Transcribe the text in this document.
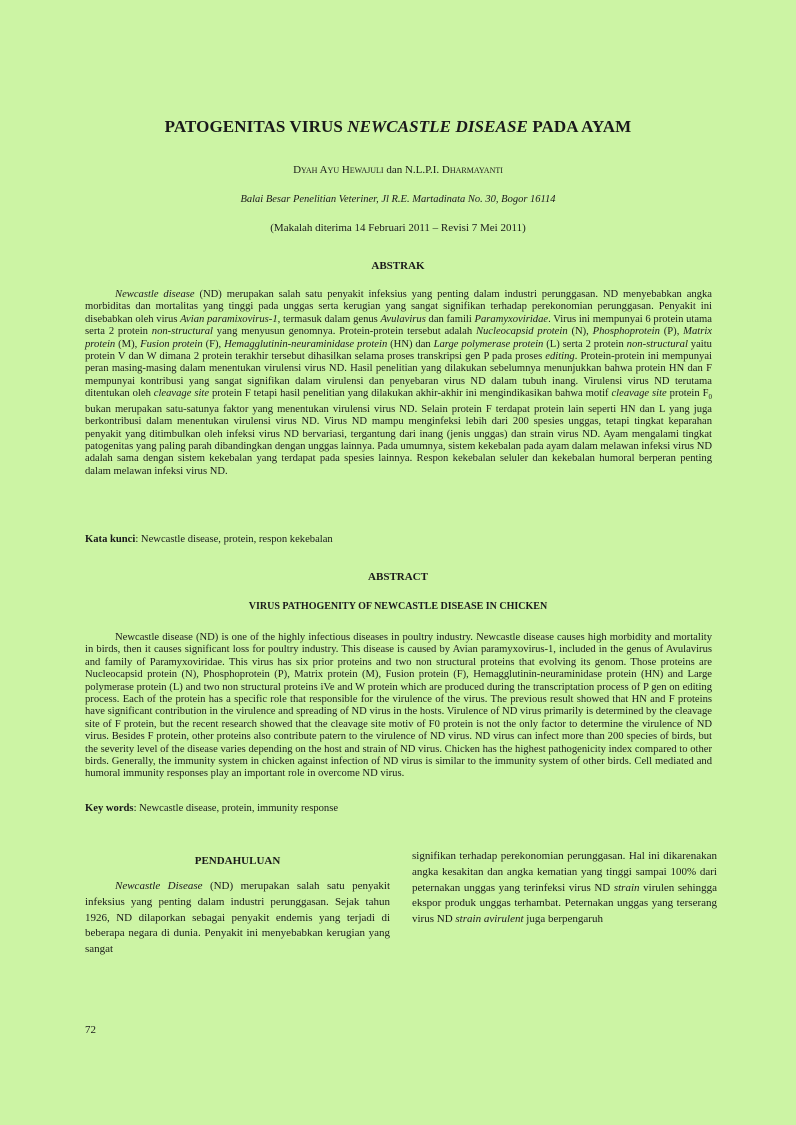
PATOGENITAS VIRUS NEWCASTLE DISEASE PADA AYAM
Dyah Ayu Hewajuli dan N.L.P.I. Dharmayanti
Balai Besar Penelitian Veteriner, Jl R.E. Martadinata No. 30, Bogor 16114
(Makalah diterima 14 Februari 2011 – Revisi 7 Mei 2011)
ABSTRAK
Newcastle disease (ND) merupakan salah satu penyakit infeksius yang penting dalam industri perunggasan. ND menyebabkan angka morbiditas dan mortalitas yang tinggi pada unggas serta kerugian yang sangat signifikan terhadap perekonomian perunggasan. Penyakit ini disebabkan oleh virus Avian paramixovirus-1, termasuk dalam genus Avulavirus dan famili Paramyxoviridae. Virus ini mempunyai 6 protein utama serta 2 protein non-structural yang menyusun genomnya. Protein-protein tersebut adalah Nucleocapsid protein (N), Phosphoprotein (P), Matrix protein (M), Fusion protein (F), Hemagglutinin-neuraminidase protein (HN) dan Large polymerase protein (L) serta 2 protein non-structural yaitu protein V dan W dimana 2 protein terakhir tersebut dihasilkan selama proses transkripsi gen P pada proses editing. Protein-protein ini mempunyai peran masing-masing dalam menentukan virulensi virus ND. Hasil penelitian yang dilakukan sebelumnya menunjukkan bahwa protein HN dan F mempunyai kontribusi yang sangat signifikan dalam virulensi dan penyebaran virus ND dalam tubuh inang. Virulensi virus ND terutama ditentukan oleh cleavage site protein F tetapi hasil penelitian yang dilakukan akhir-akhir ini mengindikasikan bahwa motif cleavage site protein $F_0$ bukan merupakan satu-satunya faktor yang menentukan virulensi virus ND. Selain protein F terdapat protein lain seperti HN dan L yang juga berkontribusi dalam menentukan virulensi virus ND. Virus ND mampu menginfeksi lebih dari 200 spesies unggas, tetapi tingkat keparahan penyakit yang ditimbulkan oleh infeksi virus ND bervariasi, tergantung dari inang (jenis unggas) dan strain virus ND. Ayam mengalami tingkat patogenitas yang paling parah dibandingkan dengan unggas lainnya. Pada umumnya, sistem kekebalan pada ayam dalam melawan infeksi virus ND adalah sama dengan sistem kekebalan yang terdapat pada spesies lainnya. Respon kekebalan seluler dan kekebalan humoral berperan penting dalam melawan infeksi virus ND.
Kata kunci: Newcastle disease, protein, respon kekebalan
ABSTRACT
VIRUS PATHOGENITY OF NEWCASTLE DISEASE IN CHICKEN
Newcastle disease (ND) is one of the highly infectious diseases in poultry industry. Newcastle disease causes high morbidity and mortality in birds, then it causes significant loss for poultry industry. This disease is caused by Avian paramyxovirus-1, included in the genus of Avulavirus and family of Paramyxoviridae. This virus has six prior proteins and two non structural proteins that evolving its genom. Those proteins are Nucleocapsid protein (N), Phosphoprotein (P), Matrix protein (M), Fusion protein (F), Hemagglutinin-neuraminidase protein (HN) and Large polymerase protein (L) and two non structural proteins iVe and W protein which are produced during the transcriptation process of P gen on editing process. Each of the protein has a specific role that responsible for the virulence of the virus. The previous result showed that HN and F proteins have significant contribution in the virulence and spreading of ND virus in the hosts. Virulence of ND virus primarily is determined by the cleavage site of F protein, but the recent research showed that the cleavage site motiv of F0 protein is not the only factor to determine the virulence of ND virus. Besides F protein, other proteins also contribute patern to the virulence of ND virus. ND virus can infect more than 200 species of birds, but the severity level of the disease varies depending on the host and strain of ND virus. Chicken has the highest pathogenicity index compared to other birds. Generally, the immunity system in chicken against infection of ND virus is similar to the immunity system of other birds. Cell mediated and humoral immunity responses play an important role in overcome ND virus.
Key words: Newcastle disease, protein, immunity response
PENDAHULUAN
Newcastle Disease (ND) merupakan salah satu penyakit infeksius yang penting dalam industri perunggasan. Sejak tahun 1926, ND dilaporkan sebagai penyakit endemis yang terjadi di beberapa negara di dunia. Penyakit ini menyebabkan kerugian yang sangat
signifikan terhadap perekonomian perunggasan. Hal ini dikarenakan angka kesakitan dan angka kematian yang tinggi sampai 100% dari peternakan unggas yang terinfeksi virus ND strain virulen sehingga ekspor produk unggas terhambat. Peternakan unggas yang terserang virus ND strain avirulent juga berpengaruh
72
